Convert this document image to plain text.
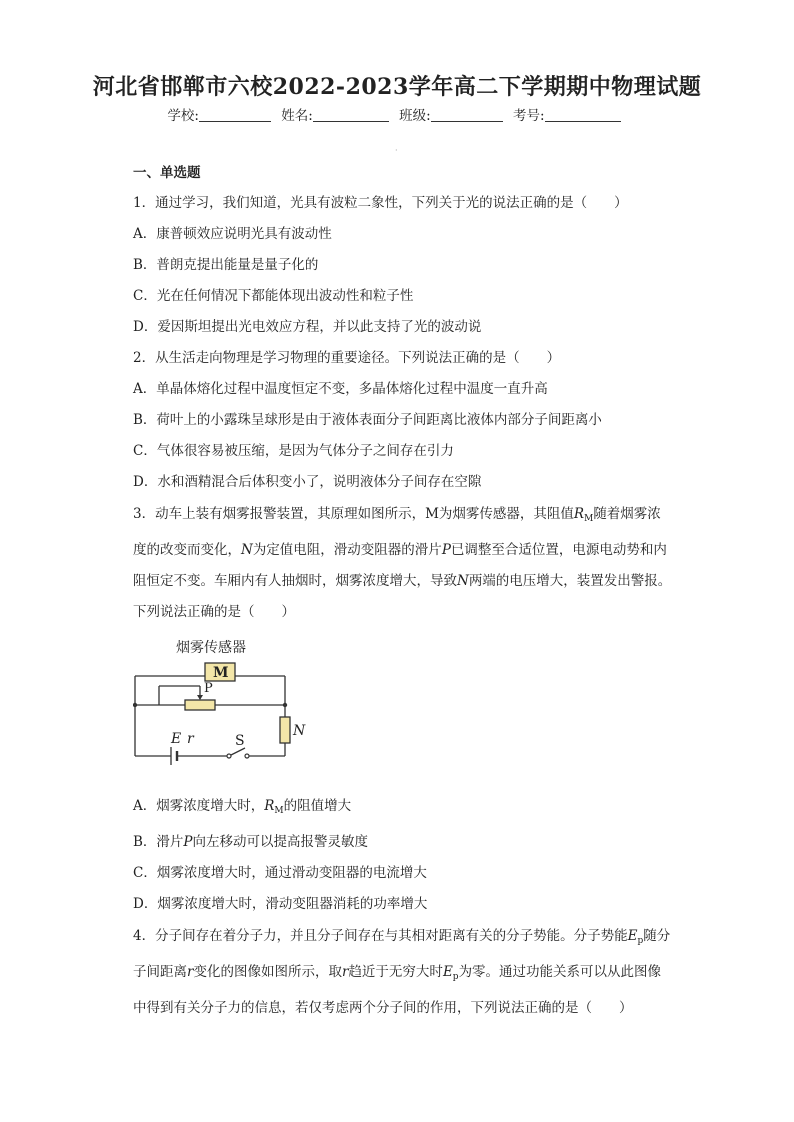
河北省邯郸市六校2022-2023学年高二下学期期中物理试题
学校:	姓名:	班级:	考号:
·
一、单选题
1．通过学习，我们知道，光具有波粒二象性，下列关于光的说法正确的是（　　）
A．康普顿效应说明光具有波动性
B．普朗克提出能量是量子化的
C．光在任何情况下都能体现出波动性和粒子性
D．爱因斯坦提出光电效应方程，并以此支持了光的波动说
2．从生活走向物理是学习物理的重要途径。下列说法正确的是（　　）
A．单晶体熔化过程中温度恒定不变，多晶体熔化过程中温度一直升高
B．荷叶上的小露珠呈球形是由于液体表面分子间距离比液体内部分子间距离小
C．气体很容易被压缩，是因为气体分子之间存在引力
D．水和酒精混合后体积变小了，说明液体分子间存在空隙
3．动车上装有烟雾报警装置，其原理如图所示，M为烟雾传感器，其阻值$R_M$随着烟雾浓度的改变而变化，N为定值电阻，滑动变阻器的滑片P已调整至合适位置，电源电动势和内阻恒定不变。车厢内有人抽烟时，烟雾浓度增大，导致N两端的电压增大，装置发出警报。下列说法正确的是（　　）
烟雾传感器
M
P
N
E r	S
A．烟雾浓度增大时，$R_M$的阻值增大
B．滑片P向左移动可以提高报警灵敏度
C．烟雾浓度增大时，通过滑动变阻器的电流增大
D．烟雾浓度增大时，滑动变阻器消耗的功率增大
4．分子间存在着分子力，并且分子间存在与其相对距离有关的分子势能。分子势能$E_p$随分子间距离r变化的图像如图所示，取r趋近于无穷大时$E_p$为零。通过功能关系可以从此图像中得到有关分子力的信息，若仅考虑两个分子间的作用，下列说法正确的是（　　）
